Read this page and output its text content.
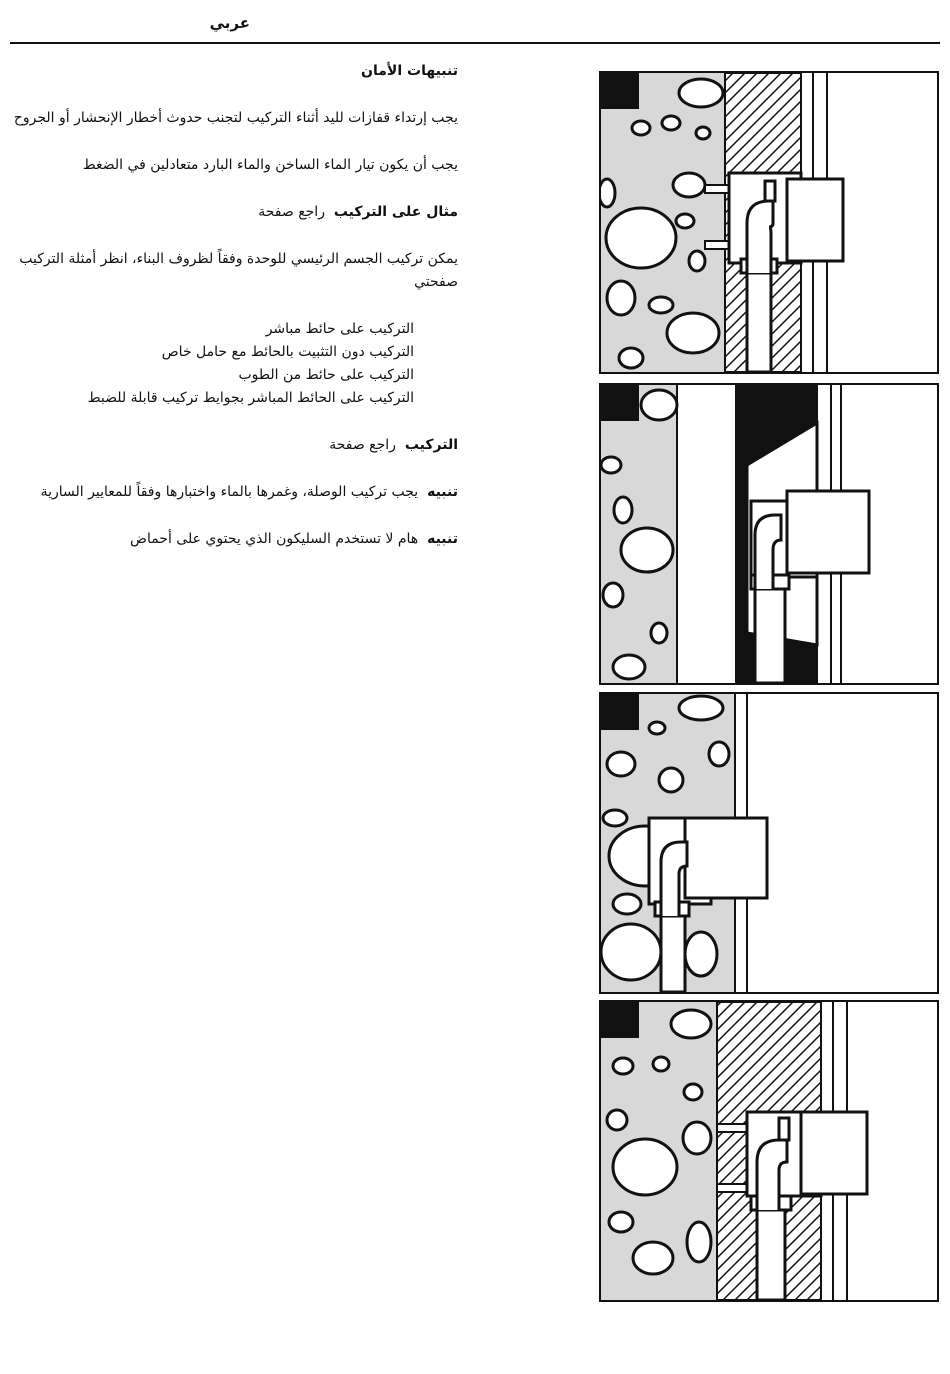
عربي

تنبيهات الأمان

يجب إرتداء قفازات لليد أثناء التركيب لتجنب حدوث أخطار الإنحشار أو الجروح

يجب أن يكون تيار الماء الساخن والماء البارد متعادلين في الضغط

مثال على التركيب  راجع صفحة

يمكن تركيب الجسم الرئيسي للوحدة وفقاً لظروف البناء، انظر أمثلة التركيب صفحتي

التركيب على حائط مباشر
التركيب دون التثبيت بالحائط مع حامل خاص
التركيب على حائط من الطوب
التركيب على الحائط المباشر بجوايط تركيب قابلة للضبط

التركيب  راجع صفحة

تنبيه  يجب تركيب الوصلة، وغمرها بالماء واختبارها وفقاً للمعايير السارية

تنبيه  هام لا تستخدم السليكون الذي يحتوي على أحماض
